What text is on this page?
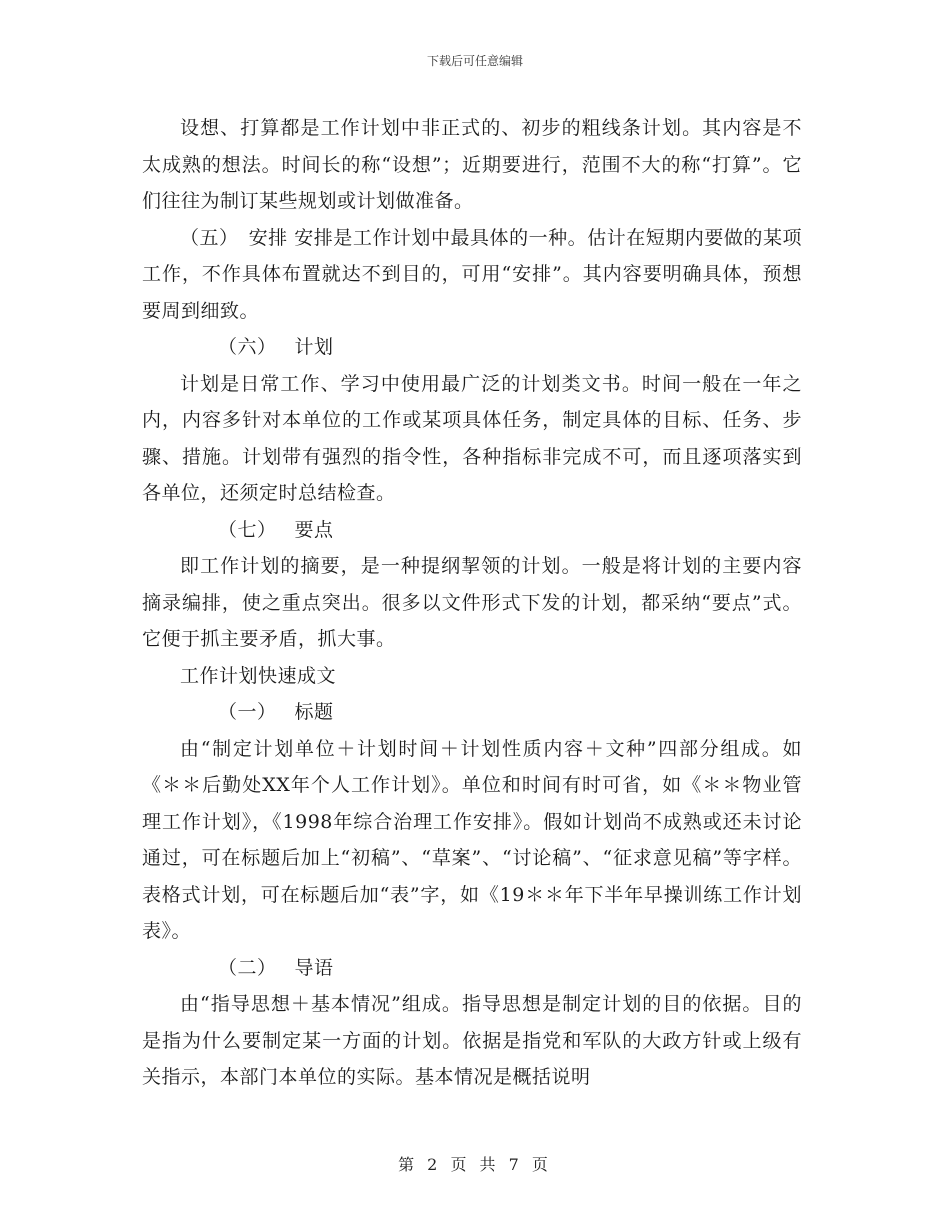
下载后可任意编辑

设想、打算都是工作计划中非正式的、初步的粗线条计划。其内容是不太成熟的想法。时间长的称“设想”；近期要进行，范围不大的称“打算”。它们往往为制订某些规划或计划做准备。

（五）　安排 安排是工作计划中最具体的一种。估计在短期内要做的某项工作，不作具体布置就达不到目的，可用“安排”。其内容要明确具体，预想要周到细致。

（六） 计划

计划是日常工作、学习中使用最广泛的计划类文书。时间一般在一年之内，内容多针对本单位的工作或某项具体任务，制定具体的目标、任务、步骤、措施。计划带有强烈的指令性，各种指标非完成不可，而且逐项落实到各单位，还须定时总结检查。

（七） 要点

即工作计划的摘要，是一种提纲挈领的计划。一般是将计划的主要内容摘录编排，使之重点突出。很多以文件形式下发的计划，都采纳“要点”式。它便于抓主要矛盾，抓大事。

工作计划快速成文

（一） 标题

由“制定计划单位＋计划时间＋计划性质内容＋文种”四部分组成。如《＊＊后勤处XX年个人工作计划》。单位和时间有时可省，如《＊＊物业管理工作计划》，《1998年综合治理工作安排》。假如计划尚不成熟或还未讨论通过，可在标题后加上“初稿”、“草案”、“讨论稿”、“征求意见稿”等字样。表格式计划，可在标题后加“表”字，如《19＊＊年下半年早操训练工作计划表》。

（二） 导语

由“指导思想＋基本情况”组成。指导思想是制定计划的目的依据。目的是指为什么要制定某一方面的计划。依据是指党和军队的大政方针或上级有关指示，本部门本单位的实际。基本情况是概括说明

第 2 页 共 7 页
